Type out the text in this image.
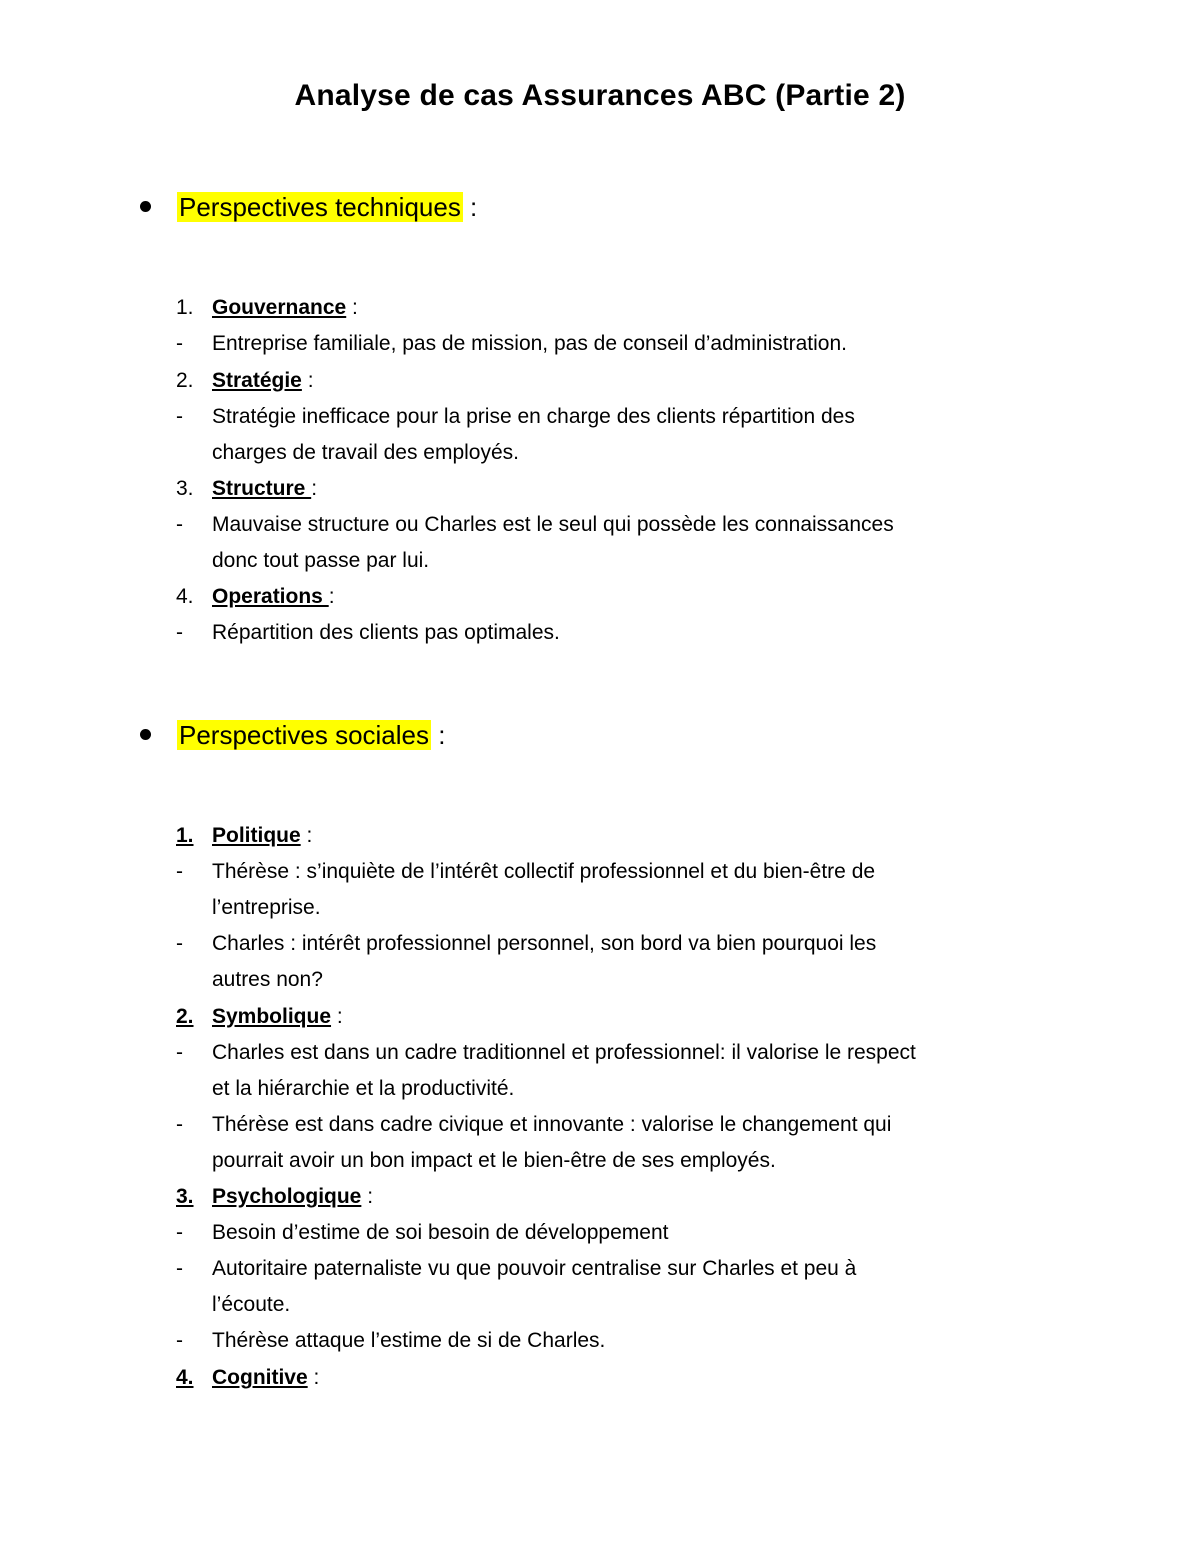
Analyse de cas Assurances ABC (Partie 2)
Perspectives techniques :
1. Gouvernance :
- Entreprise familiale, pas de mission, pas de conseil d’administration.
2. Stratégie :
- Stratégie inefficace pour la prise en charge des clients répartition des
charges de travail des employés.
3. Structure :
- Mauvaise structure ou Charles est le seul qui possède les connaissances
donc tout passe par lui.
4. Operations :
- Répartition des clients pas optimales.
Perspectives sociales :
1. Politique :
- Thérèse : s’inquiète de l’intérêt collectif professionnel et du bien-être de
l’entreprise.
- Charles : intérêt professionnel personnel, son bord va bien pourquoi les
autres non?
2. Symbolique :
- Charles est dans un cadre traditionnel et professionnel: il valorise le respect
et la hiérarchie et la productivité.
- Thérèse est dans cadre civique et innovante : valorise le changement qui
pourrait avoir un bon impact et le bien-être de ses employés.
3. Psychologique :
- Besoin d’estime de soi besoin de développement
- Autoritaire paternaliste vu que pouvoir centralise sur Charles et peu à
l’écoute.
- Thérèse attaque l’estime de si de Charles.
4. Cognitive :
